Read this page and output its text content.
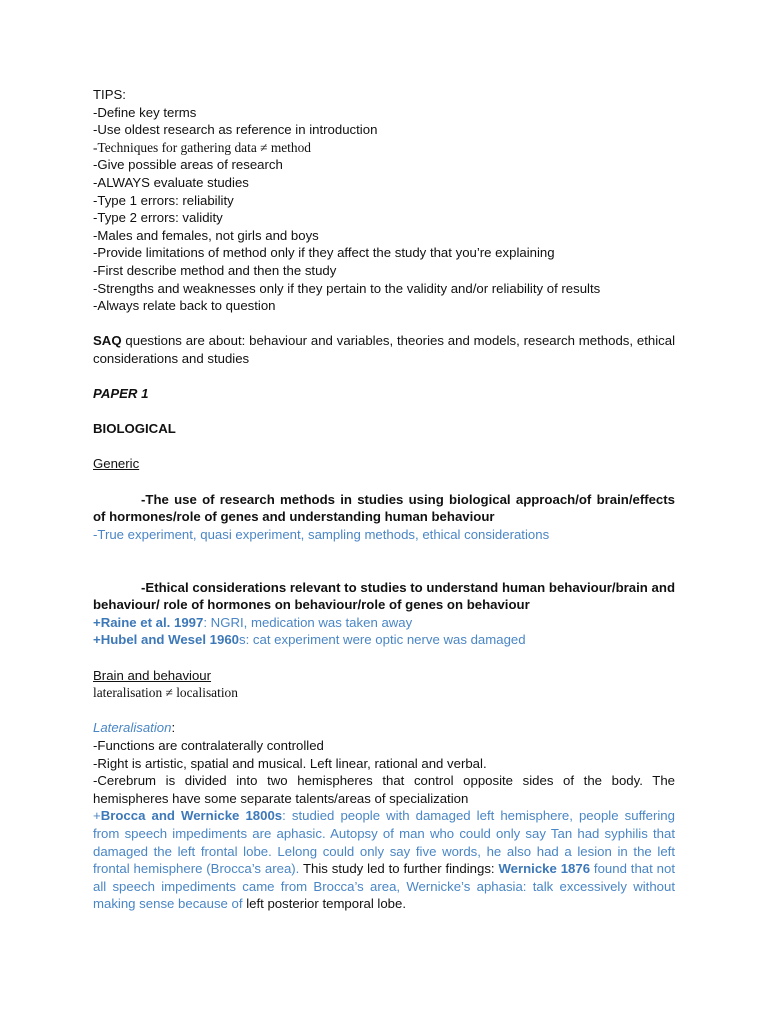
TIPS:
-Define key terms
-Use oldest research as reference in introduction
-Techniques for gathering data ≠ method
-Give possible areas of research
-ALWAYS evaluate studies
-Type 1 errors: reliability
-Type 2 errors: validity
-Males and females, not girls and boys
-Provide limitations of method only if they affect the study that you’re explaining
-First describe method and then the study
-Strengths and weaknesses only if they pertain to the validity and/or reliability of results
-Always relate back to question

SAQ questions are about: behaviour and variables, theories and models, research methods, ethical considerations and studies

PAPER 1
BIOLOGICAL
Generic

-The use of research methods in studies using biological approach/of brain/effects of hormones/role of genes and understanding human behaviour

-True experiment, quasi experiment, sampling methods, ethical considerations

-Ethical considerations relevant to studies to understand human behaviour/brain and behaviour/ role of hormones on behaviour/role of genes on behaviour

+Raine et al. 1997: NGRI, medication was taken away
+Hubel and Wesel 1960s: cat experiment were optic nerve was damaged
Brain and behaviour
lateralisation ≠ localisation
Lateralisation:
-Functions are contralaterally controlled
-Right is artistic, spatial and musical. Left linear, rational and verbal.

-Cerebrum is divided into two hemispheres that control opposite sides of the body. The hemispheres have some separate talents/areas of specialization

+Brocca and Wernicke 1800s: studied people with damaged left hemisphere, people suffering from speech impediments are aphasic. Autopsy of man who could only say Tan had syphilis that damaged the left frontal lobe. Lelong could only say five words, he also had a lesion in the left frontal hemisphere (Brocca’s area). This study led to further findings: Wernicke 1876 found that not all speech impediments came from Brocca’s area, Wernicke’s aphasia: talk excessively without making sense because of left posterior temporal lobe.
